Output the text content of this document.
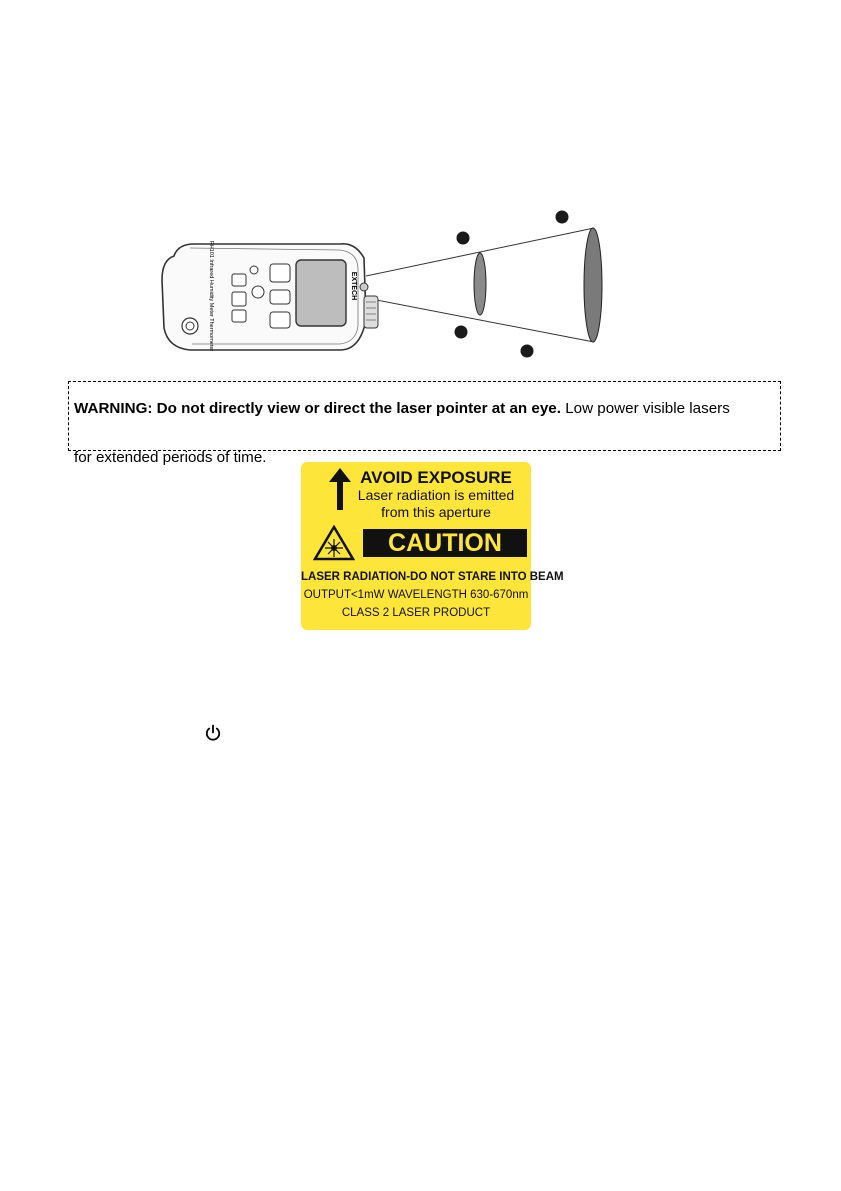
EXTECH
RH101 Infrared Humidity Meter Thermometer

WARNING: Do not directly view or direct the laser pointer at an eye. Low power visible lasers
for extended periods of time.

AVOID EXPOSURE
Laser radiation is emitted
from this aperture
CAUTION
LASER RADIATION-DO NOT STARE INTO BEAM
OUTPUT<1mW WAVELENGTH 630-670nm
CLASS 2 LASER PRODUCT
